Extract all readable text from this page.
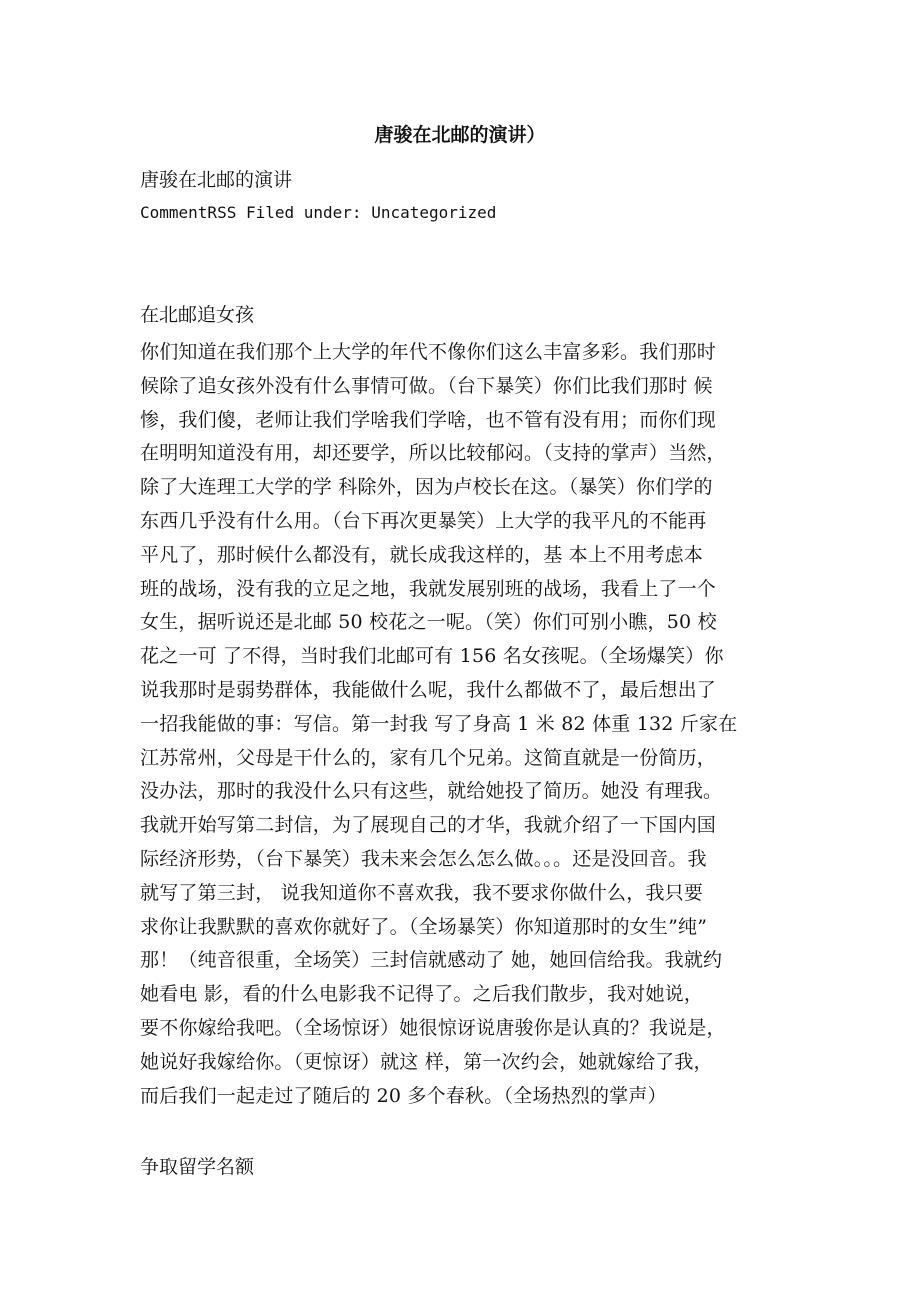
唐骏在北邮的演讲）

唐骏在北邮的演讲

CommentRSS Filed under: Uncategorized

在北邮追女孩
你们知道在我们那个上大学的年代不像你们这么丰富多彩。我们那时
候除了追女孩外没有什么事情可做。（台下暴笑）你们比我们那时 候
惨，我们傻，老师让我们学啥我们学啥，也不管有没有用；而你们现
在明明知道没有用，却还要学，所以比较郁闷。（支持的掌声）当然，
除了大连理工大学的学 科除外，因为卢校长在这。（暴笑）你们学的
东西几乎没有什么用。（台下再次更暴笑）上大学的我平凡的不能再
平凡了，那时候什么都没有，就长成我这样的，基 本上不用考虑本
班的战场，没有我的立足之地，我就发展别班的战场，我看上了一个
女生，据听说还是北邮 50 校花之一呢。（笑）你们可别小瞧，50 校
花之一可 了不得，当时我们北邮可有 156 名女孩呢。（全场爆笑）你
说我那时是弱势群体，我能做什么呢，我什么都做不了，最后想出了
一招我能做的事：写信。第一封我 写了身高 1 米 82 体重 132 斤家在
江苏常州，父母是干什么的，家有几个兄弟。这简直就是一份简历，
没办法，那时的我没什么只有这些，就给她投了简历。她没 有理我。
我就开始写第二封信，为了展现自己的才华，我就介绍了一下国内国
际经济形势，（台下暴笑）我未来会怎么怎么做。。。还是没回音。我
就写了第三封， 说我知道你不喜欢我，我不要求你做什么，我只要
求你让我默默的喜欢你就好了。（全场暴笑）你知道那时的女生”纯”
那！（纯音很重，全场笑）三封信就感动了 她，她回信给我。我就约
她看电 影，看的什么电影我不记得了。之后我们散步，我对她说，
要不你嫁给我吧。（全场惊讶）她很惊讶说唐骏你是认真的？我说是，
她说好我嫁给你。（更惊讶）就这 样，第一次约会，她就嫁给了我，
而后我们一起走过了随后的 20 多个春秋。（全场热烈的掌声）
争取留学名额
